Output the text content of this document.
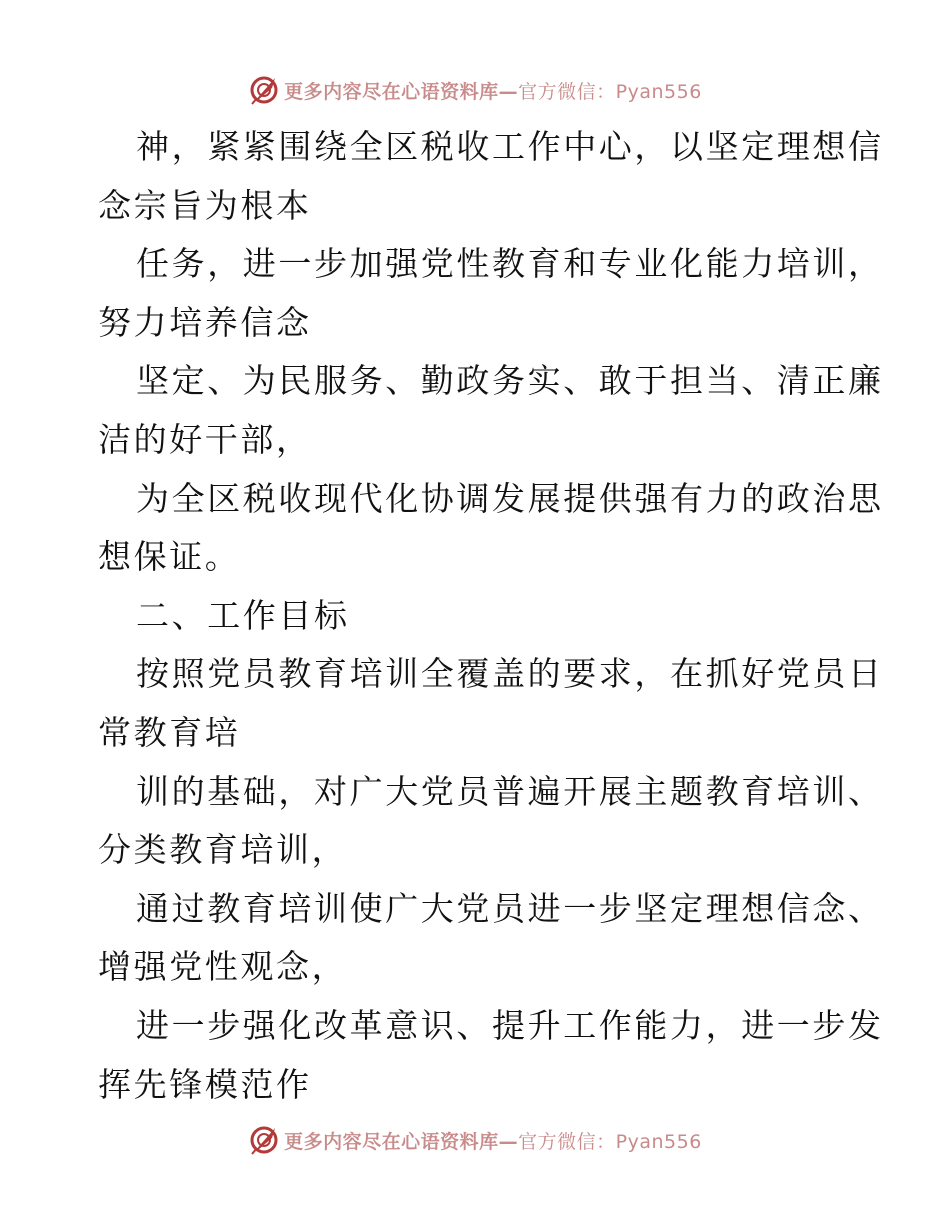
更多内容尽在心语资料库—官方微信：Pyan556
神，紧紧围绕全区税收工作中心，以坚定理想信
念宗旨为根本
任务，进一步加强党性教育和专业化能力培训，
努力培养信念
坚定、为民服务、勤政务实、敢于担当、清正廉
洁的好干部，
为全区税收现代化协调发展提供强有力的政治思
想保证。
二、工作目标
按照党员教育培训全覆盖的要求，在抓好党员日
常教育培
训的基础，对广大党员普遍开展主题教育培训、
分类教育培训，
通过教育培训使广大党员进一步坚定理想信念、
增强党性观念，
进一步强化改革意识、提升工作能力，进一步发
挥先锋模范作
更多内容尽在心语资料库—官方微信：Pyan556
